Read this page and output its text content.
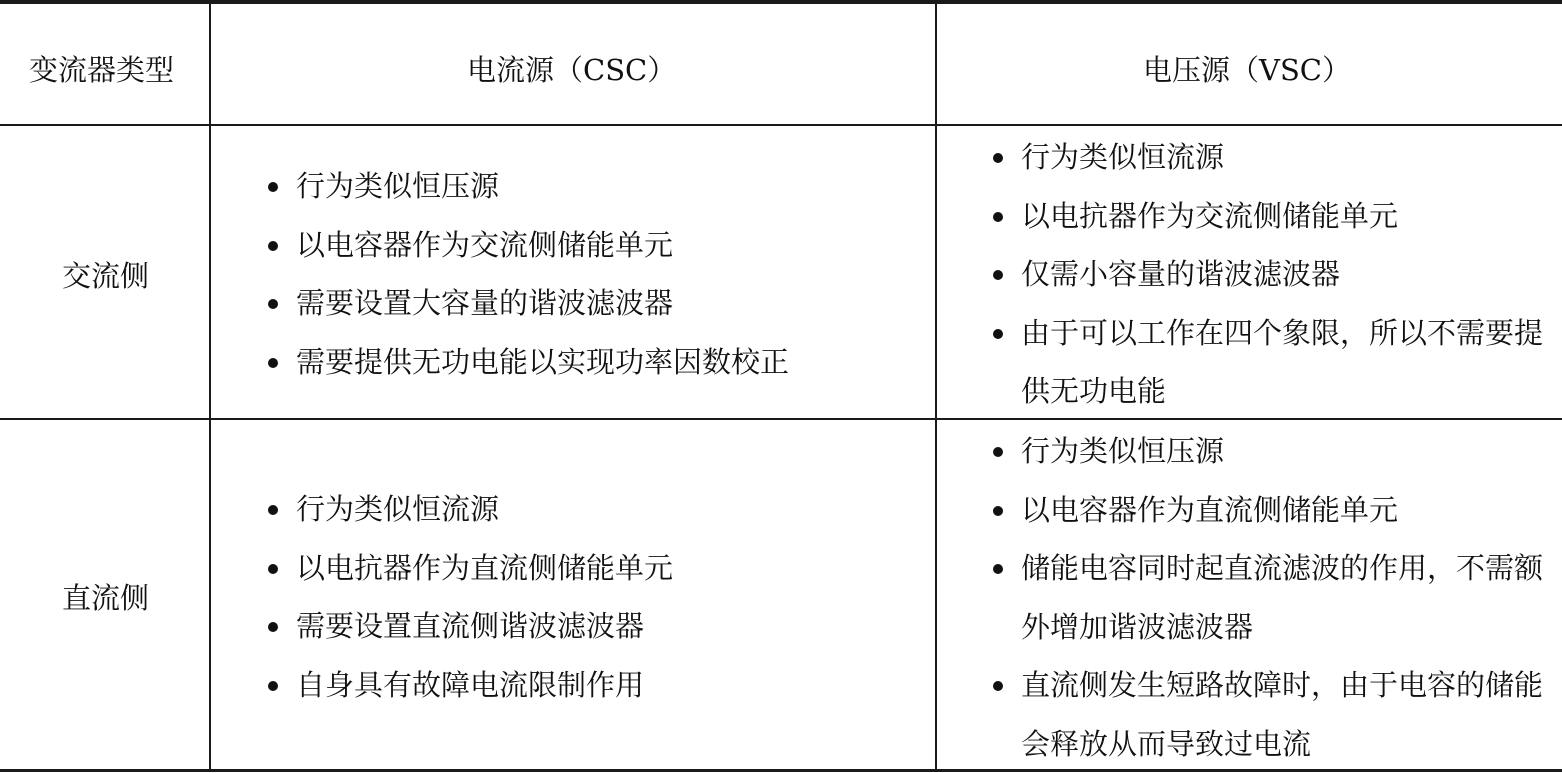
变流器类型	电流源（CSC）	电压源（VSC）
交流侧
行为类似恒压源
以电容器作为交流侧储能单元
需要设置大容量的谐波滤波器
需要提供无功电能以实现功率因数校正
行为类似恒流源
以电抗器作为交流侧储能单元
仅需小容量的谐波滤波器
由于可以工作在四个象限，所以不需要提供无功电能
直流侧
行为类似恒流源
以电抗器作为直流侧储能单元
需要设置直流侧谐波滤波器
自身具有故障电流限制作用
行为类似恒压源
以电容器作为直流侧储能单元
储能电容同时起直流滤波的作用，不需额外增加谐波滤波器
直流侧发生短路故障时，由于电容的储能会释放从而导致过电流
